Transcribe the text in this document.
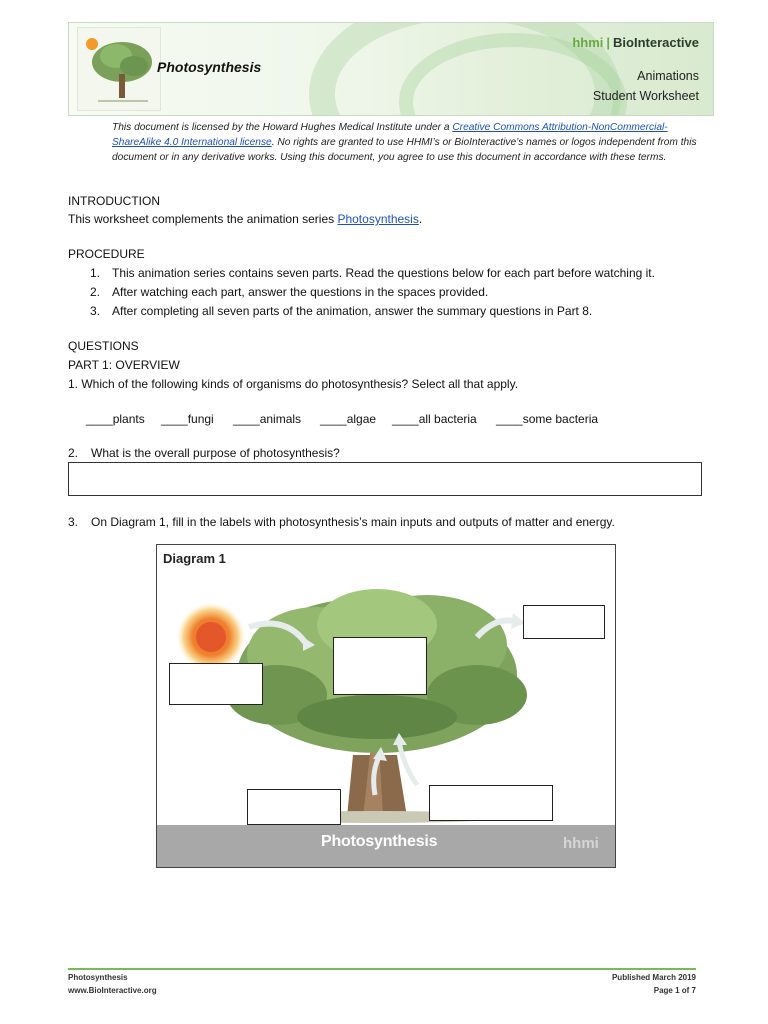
Photosynthesis
hhmi | BioInteractive
Animations
Student Worksheet
This document is licensed by the Howard Hughes Medical Institute under a Creative Commons Attribution-NonCommercial-ShareAlike 4.0 International license. No rights are granted to use HHMI’s or BioInteractive’s names or logos independent from this document or in any derivative works. Using this document, you agree to use this document in accordance with these terms.
INTRODUCTION
This worksheet complements the animation series Photosynthesis.
PROCEDURE
1. This animation series contains seven parts. Read the questions below for each part before watching it.
2. After watching each part, answer the questions in the spaces provided.
3. After completing all seven parts of the animation, answer the summary questions in Part 8.
QUESTIONS
PART 1: OVERVIEW
1. Which of the following kinds of organisms do photosynthesis? Select all that apply.
____plants ____fungi ____animals ____algae ____all bacteria ____some bacteria
2. What is the overall purpose of photosynthesis?
3. On Diagram 1, fill in the labels with photosynthesis’s main inputs and outputs of matter and energy.
Diagram 1
Photosynthesis	hhmi
Photosynthesis
www.BioInteractive.org
Published March 2019
Page 1 of 7
